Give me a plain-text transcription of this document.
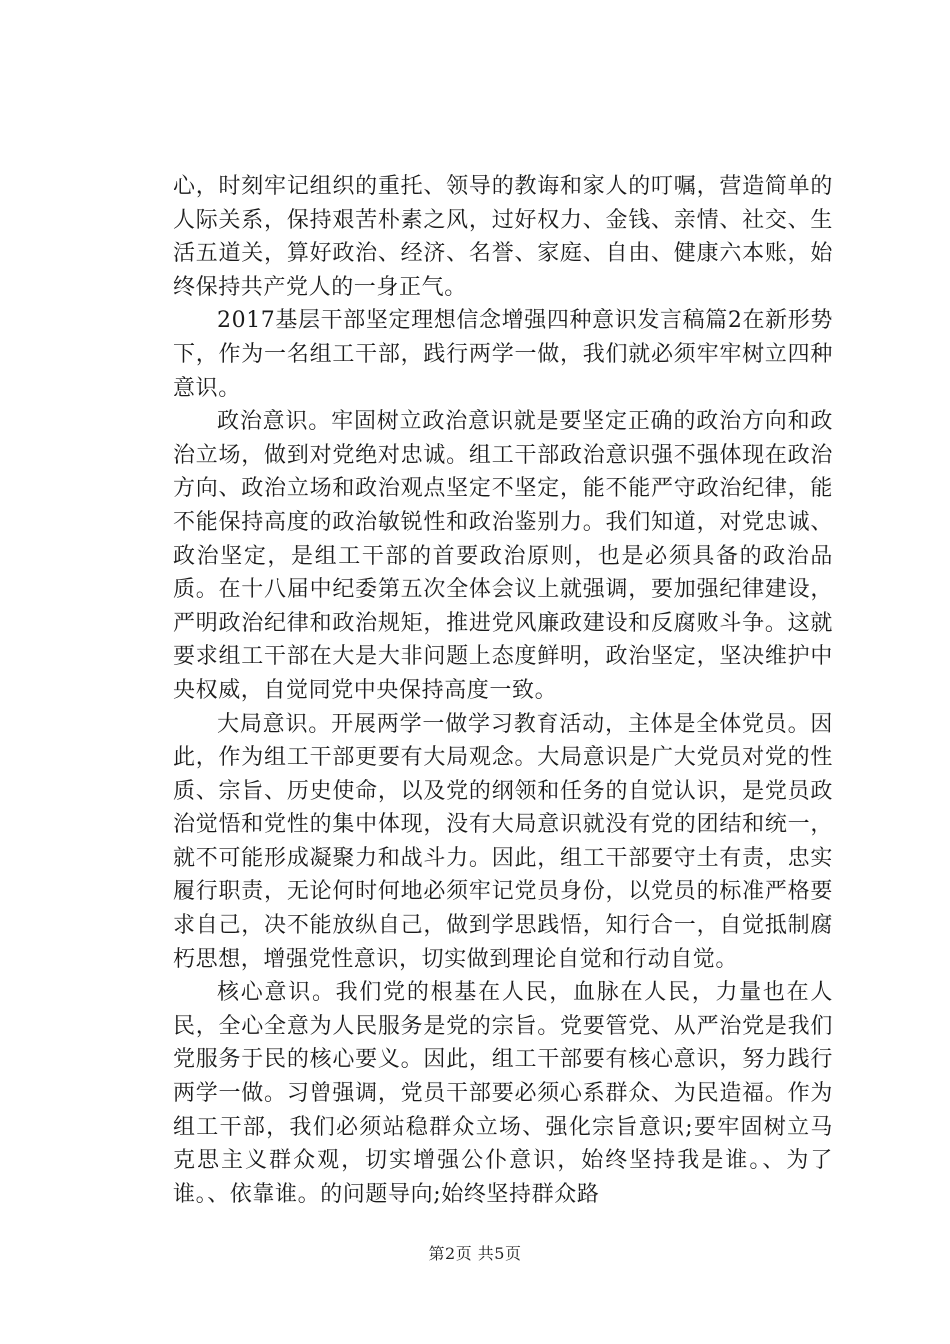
心，时刻牢记组织的重托、领导的教诲和家人的叮嘱，营造简单的人际关系，保持艰苦朴素之风，过好权力、金钱、亲情、社交、生活五道关，算好政治、经济、名誉、家庭、自由、健康六本账，始终保持共产党人的一身正气。

2017基层干部坚定理想信念增强四种意识发言稿篇2在新形势下，作为一名组工干部，践行两学一做，我们就必须牢牢树立四种意识。

政治意识。牢固树立政治意识就是要坚定正确的政治方向和政治立场，做到对党绝对忠诚。组工干部政治意识强不强体现在政治方向、政治立场和政治观点坚定不坚定，能不能严守政治纪律，能不能保持高度的政治敏锐性和政治鉴别力。我们知道，对党忠诚、政治坚定，是组工干部的首要政治原则，也是必须具备的政治品质。在十八届中纪委第五次全体会议上就强调，要加强纪律建设，严明政治纪律和政治规矩，推进党风廉政建设和反腐败斗争。这就要求组工干部在大是大非问题上态度鲜明，政治坚定，坚决维护中央权威，自觉同党中央保持高度一致。

大局意识。开展两学一做学习教育活动，主体是全体党员。因此，作为组工干部更要有大局观念。大局意识是广大党员对党的性质、宗旨、历史使命，以及党的纲领和任务的自觉认识，是党员政治觉悟和党性的集中体现，没有大局意识就没有党的团结和统一，就不可能形成凝聚力和战斗力。因此，组工干部要守土有责，忠实履行职责，无论何时何地必须牢记党员身份，以党员的标准严格要求自己，决不能放纵自己，做到学思践悟，知行合一，自觉抵制腐朽思想，增强党性意识，切实做到理论自觉和行动自觉。

核心意识。我们党的根基在人民，血脉在人民，力量也在人民，全心全意为人民服务是党的宗旨。党要管党、从严治党是我们党服务于民的核心要义。因此，组工干部要有核心意识，努力践行两学一做。习曾强调，党员干部要必须心系群众、为民造福。作为组工干部，我们必须站稳群众立场、强化宗旨意识;要牢固树立马克思主义群众观，切实增强公仆意识，始终坚持我是谁。、为了谁。、依靠谁。的问题导向;始终坚持群众路

第2页 共5页
